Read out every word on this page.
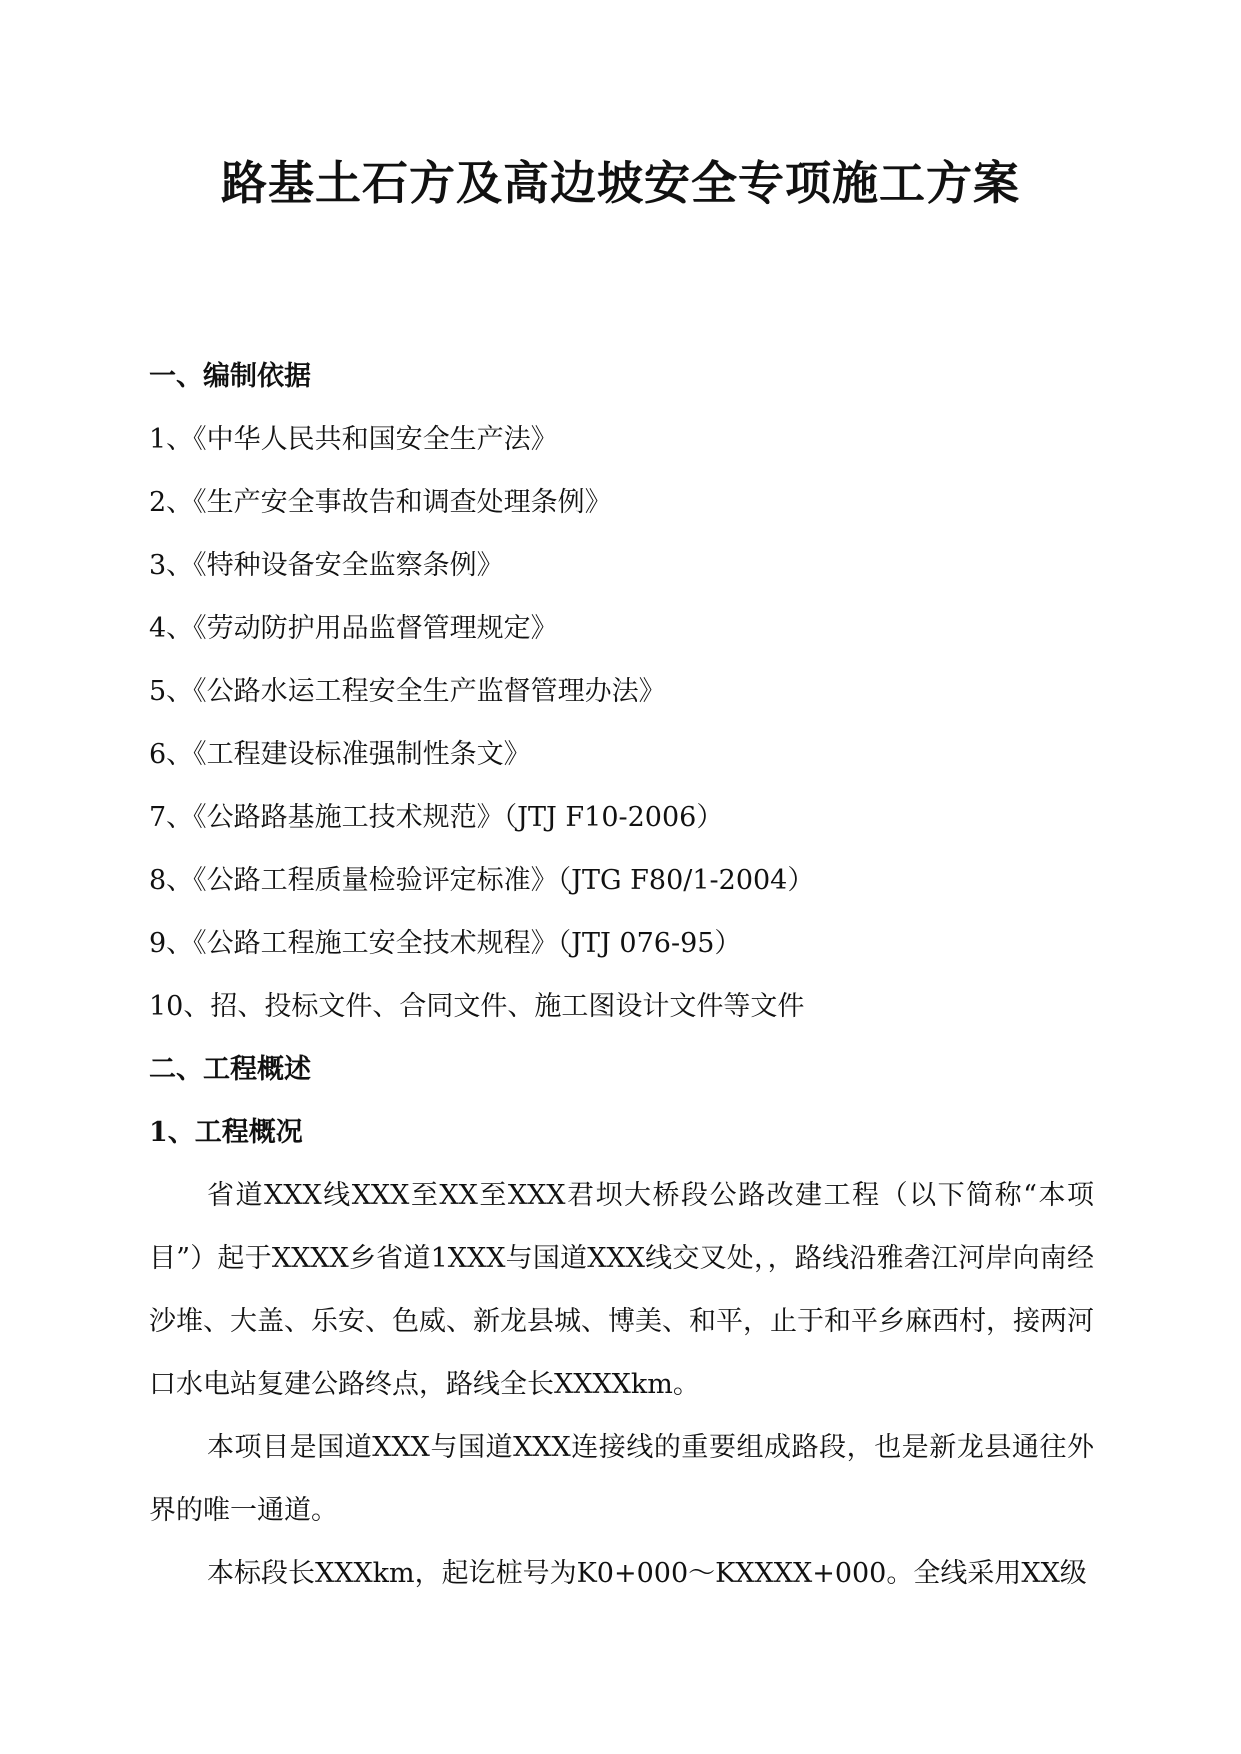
路基土石方及高边坡安全专项施工方案
一、编制依据
1、《中华人民共和国安全生产法》
2、《生产安全事故告和调查处理条例》
3、《特种设备安全监察条例》
4、《劳动防护用品监督管理规定》
5、《公路水运工程安全生产监督管理办法》
6、《工程建设标准强制性条文》
7、《公路路基施工技术规范》（JTJ F10-2006）
8、《公路工程质量检验评定标准》（JTG F80/1-2004）
9、《公路工程施工安全技术规程》（JTJ 076-95）
10、招、投标文件、合同文件、施工图设计文件等文件
二、工程概述
1、工程概况

省道XXX线XXX至XX至XXX君坝大桥段公路改建工程（以下简称“本项目”）起于XXXX乡省道1XXX与国道XXX线交叉处，，路线沿雅砻江河岸向南经沙堆、大盖、乐安、色威、新龙县城、博美、和平，止于和平乡麻西村，接两河口水电站复建公路终点，路线全长XXXXkm。

本项目是国道XXX与国道XXX连接线的重要组成路段，也是新龙县通往外界的唯一通道。

本标段长XXXkm，起讫桩号为K0+000～KXXXX+000。全线采用XX级
